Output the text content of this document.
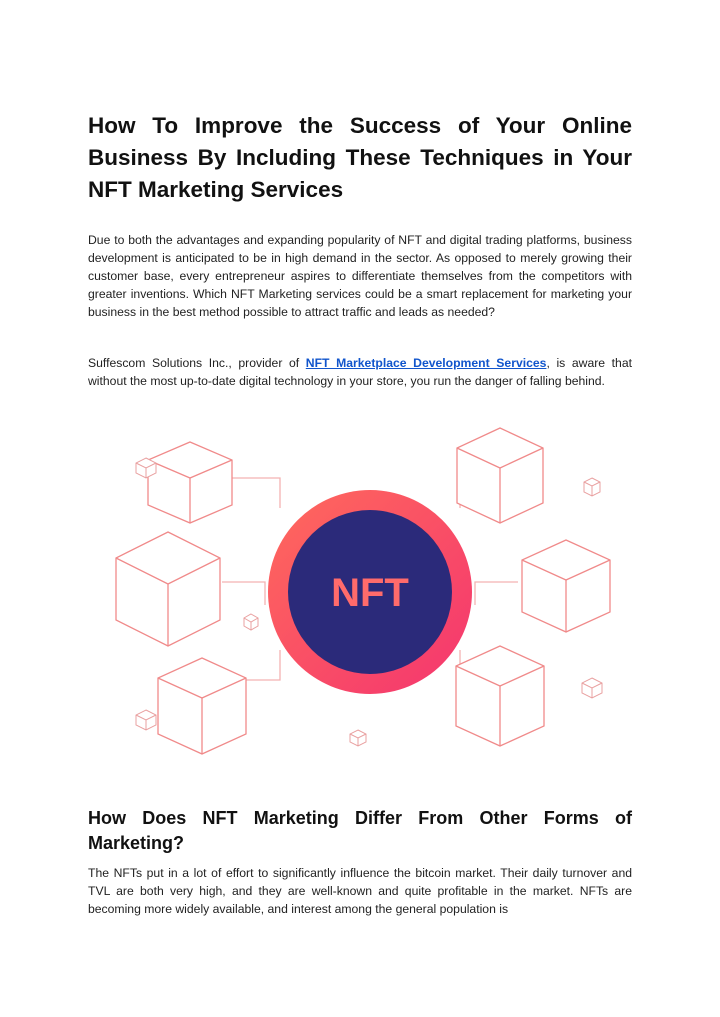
How To Improve the Success of Your Online Business By Including These Techniques in Your NFT Marketing Services

Due to both the advantages and expanding popularity of NFT and digital trading platforms, business development is anticipated to be in high demand in the sector. As opposed to merely growing their customer base, every entrepreneur aspires to differentiate themselves from the competitors with greater inventions. Which NFT Marketing services could be a smart replacement for marketing your business in the best method possible to attract traffic and leads as needed?

Suffescom Solutions Inc., provider of NFT Marketplace Development Services, is aware that without the most up-to-date digital technology in your store, you run the danger of falling behind.

NFT
How Does NFT Marketing Differ From Other Forms of Marketing?

The NFTs put in a lot of effort to significantly influence the bitcoin market. Their daily turnover and TVL are both very high, and they are well-known and quite profitable in the market. NFTs are becoming more widely available, and interest among the general population is
